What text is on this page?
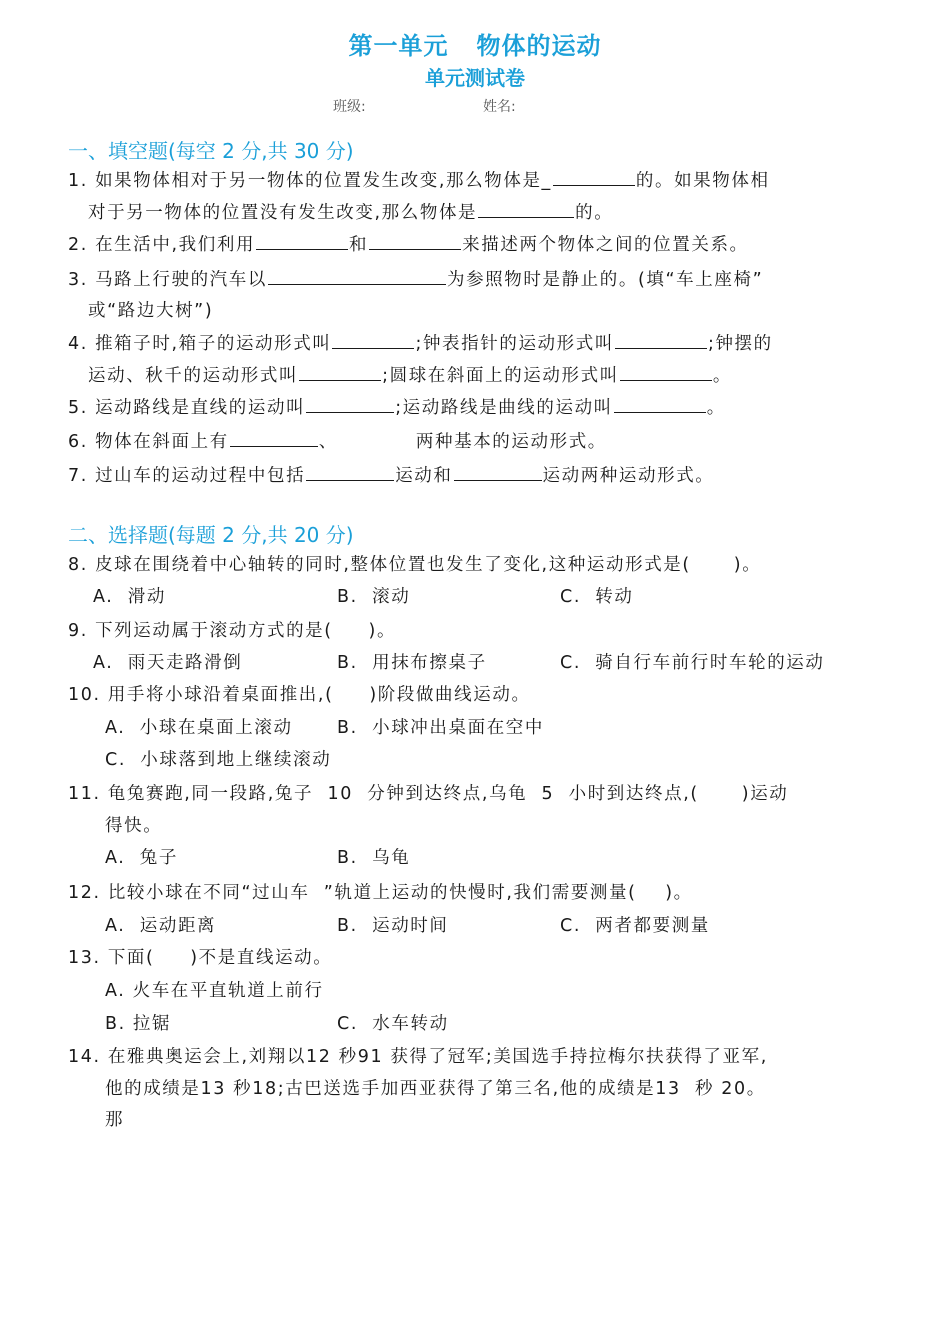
第一单元 物体的运动
单元测试卷
班级:	姓名:
一、填空题(每空 2 分,共 30 分)
1. 如果物体相对于另一物体的位置发生改变,那么物体是_	的。如果物体相
对于另一物体的位置没有发生改变,那么物体是	的。
2. 在生活中,我们利用	和	来描述两个物体之间的位置关系。
3. 马路上行驶的汽车以	为参照物时是静止的。(填“车上座椅”
或“路边大树”)
4. 推箱子时,箱子的运动形式叫	;钟表指针的运动形式叫	;钟摆的
运动、秋千的运动形式叫	;圆球在斜面上的运动形式叫	。
5. 运动路线是直线的运动叫	;运动路线是曲线的运动叫	。
6. 物体在斜面上有	、	两种基本的运动形式。
7. 过山车的运动过程中包括	运动和	运动两种运动形式。
二、选择题(每题 2 分,共 20 分)
8. 皮球在围绕着中心轴转的同时,整体位置也发生了变化,这种运动形式是(      )。
A.  滑动	B.  滚动	C.  转动
9. 下列运动属于滚动方式的是(     )。
A.  雨天走路滑倒	B.  用抹布擦桌子	C.  骑自行车前行时车轮的运动
10. 用手将小球沿着桌面推出,(     )阶段做曲线运动。
A.  小球在桌面上滚动	B.  小球冲出桌面在空中
C.  小球落到地上继续滚动
11. 龟兔赛跑,同一段路,兔子  10  分钟到达终点,乌龟  5  小时到达终点,(      )运动
得快。
A.  兔子	B.  乌龟
12. 比较小球在不同“过山车  ”轨道上运动的快慢时,我们需要测量(    )。
A.  运动距离	B.  运动时间	C.  两者都要测量
13. 下面(     )不是直线运动。
A. 火车在平直轨道上前行
B. 拉锯	C.  水车转动
14. 在雅典奥运会上,刘翔以12 秒91 获得了冠军;美国选手持拉梅尔扶获得了亚军,
他的成绩是13 秒18;古巴送选手加西亚获得了第三名,他的成绩是13  秒 20。
那
